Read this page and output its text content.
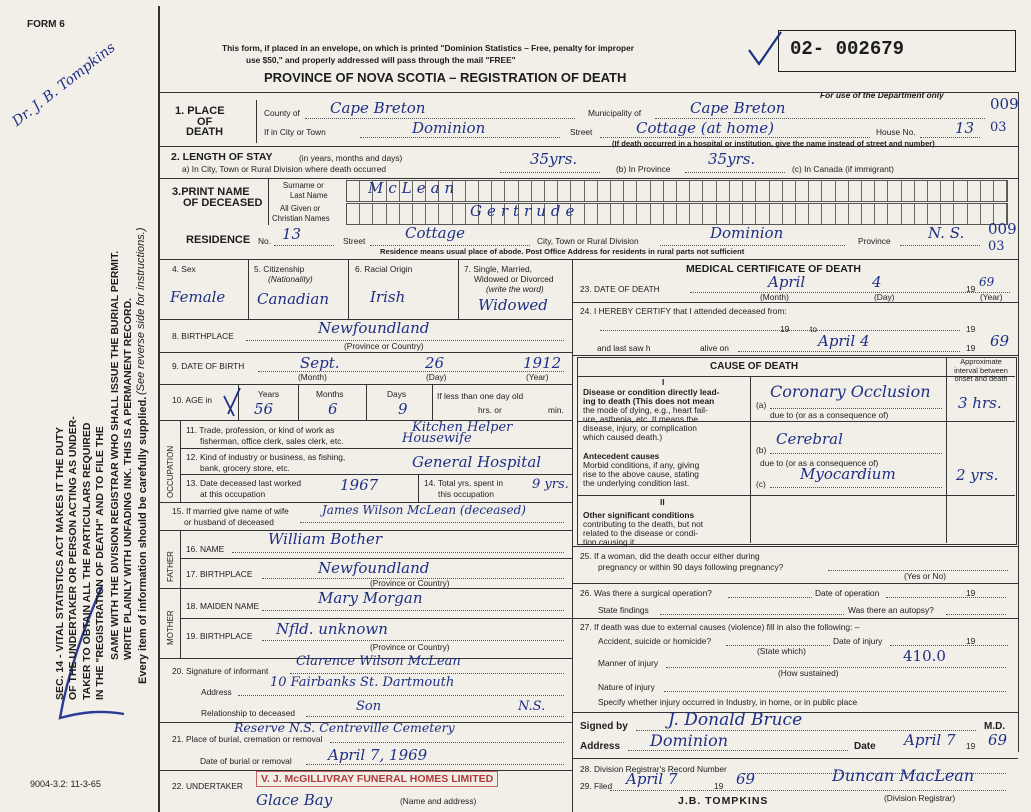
FORM 6
Dr. J. B. Tompkins
SEC. 14 - VITAL STATISTICS ACT MAKES IT THE DUTY OF THE UNDERTAKER OR PERSON ACTING AS UNDER- TAKER TO OBTAIN ALL THE PARTICULARS REQUIRED IN THE "REGISTRATION OF DEATH" AND TO FILE THE SAME WITH THE DIVISION REGISTRAR WHO SHALL ISSUE THE BURIAL PERMIT. WRITE PLAINLY WITH UNFADING INK. THIS IS A PERMANENT RECORD. (See reverse side for instructions.)
Every item of information should be carefully supplied.
9004-3.2: 11-3-65
This form, if placed in an envelope, on which is printed "Dominion Statistics – Free, penalty for improper
use $50," and properly addressed will pass through the mail "FREE"
PROVINCE OF NOVA SCOTIA – REGISTRATION OF DEATH
02- 002679
For use of the Department only
1. PLACE
OF
DEATH
County of Cape Breton	Municipality of	Cape Breton
If in City or Town	Dominion	Street	Cottage (at home)	House No.	13
009
03
(If death occurred in a hospital or institution, give the name instead of street and number)
2. LENGTH OF STAY	(in years, months and days)
a) In City, Town or Rural Division where death occurred
35yrs.
(b) In Province
35yrs.
(c) In Canada (if immigrant)
3.PRINT NAME
OF DECEASED
Surname or
Last Name
All Given or
Christian Names
McLean
Gertrude
RESIDENCE No. 13	Street	Cottage	City, Town or Rural Division	Dominion	Province N. S. 009
03
Residence means usual place of abode. Post Office Address for residents in rural parts not sufficient
4. Sex
Female
5. Citizenship
(Nationality)
Canadian
6. Racial Origin
Irish
7. Single, Married,
Widowed or Divorced
(write the word)
Widowed
8. BIRTHPLACE	Newfoundland
(Province or Country)
9. DATE OF BIRTH	Sept.	26	1912
(Month)	(Day)	(Year)
10. AGE in
Years	Months	Days
56	6	9
If less than one day old
hrs. or	min.
OCCUPATION
11. Trade, profession, or kind of work as
fisherman, office clerk, sales clerk, etc.
Kitchen Helper
Housewife
12. Kind of industry or business, as fishing,
bank, grocery store, etc.	General Hospital
13. Date deceased last worked
at this occupation	1967	14. Total yrs. spent in
this occupation
9 yrs.
15. If married give name of wife
or husband of deceased
James Wilson McLean (deceased)
FATHER
16. NAME
William Bother
17. BIRTHPLACE	Newfoundland
(Province or Country)
MOTHER
18. MAIDEN NAME	Mary Morgan
19. BIRTHPLACE Nfld. unknown
(Province or Country)
20. Signature of informant
Clarence Wilson McLean
Address
10 Fairbanks St. Dartmouth
Relationship to deceased	Son	N.S.
21. Place of burial, cremation or removal
Reserve N.S. Centreville Cemetery
Date of burial or removal April 7, 1969
22. UNDERTAKER
V. J. McGILLIVRAY FUNERAL HOMES LIMITED
Glace Bay	(Name and address)
MEDICAL CERTIFICATE OF DEATH
23. DATE OF DEATH	April	4	19 69
(Month)	(Day)	(Year)
24. I HEREBY CERTIFY that I attended deceased from:
19 to	19
and last saw h	alive on	April 4	19 69
CAUSE OF DEATH	Approximate interval between onset and death
I
Disease or condition directly lead-
ing to death (This does not mean
the mode of dying, e.g., heart fail-
ure, asthenia, etc. It means the
disease, injury, or complication
which caused death.)
(a)
Coronary Occlusion
due to (or as a consequence of)
3 hrs.
Antecedent causes
Morbid conditions, if any, giving
rise to the above cause, stating
the underlying condition last.
(b)
Cerebral
due to (or as a consequence of)
(c)
Myocardium	2 yrs.
II
Other significant conditions
contributing to the death, but not
related to the disease or condi-
tion causing it.
25. If a woman, did the death occur either during
pregnancy or within 90 days following pregnancy?
(Yes or No)
26. Was there a surgical operation?	Date of operation	19
State findings	Was there an autopsy?
27. If death was due to external causes (violence) fill in also the following: –
Accident, suicide or homicide?	Date of injury	19
(State which)
Manner of injury	410.0
(How sustained)
Nature of injury
Specify whether injury occurred in Industry, in home, or in public place
Signed by J. Donald Bruce	M.D.
Address Dominion	Date April 7 19 69
28. Division Registrar's Record Number
29. Filed April 7	19 69	Duncan MacLean
(Division Registrar)
J.B. TOMPKINS
